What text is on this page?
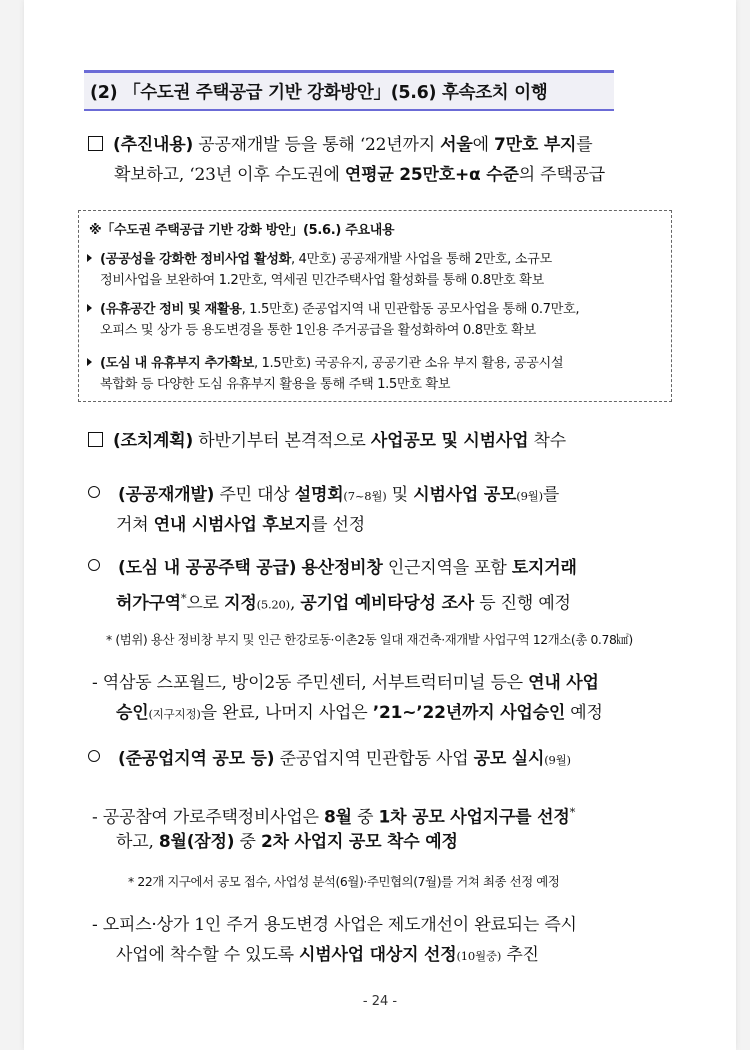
(2) 「수도권 주택공급 기반 강화방안」(5.6) 후속조치 이행
(추진내용) 공공재개발 등을 통해 ‘22년까지 서울에 7만호 부지를
확보하고, ‘23년 이후 수도권에 연평균 25만호+α 수준의 주택공급
※「수도권 주택공급 기반 강화 방안」(5.6.) 주요내용
(공공성을 강화한 정비사업 활성화, 4만호) 공공재개발 사업을 통해 2만호, 소규모
정비사업을 보완하여 1.2만호, 역세권 민간주택사업 활성화를 통해 0.8만호 확보
(유휴공간 정비 및 재활용, 1.5만호) 준공업지역 내 민관합동 공모사업을 통해 0.7만호,
오피스 및 상가 등 용도변경을 통한 1인용 주거공급을 활성화하여 0.8만호 확보
(도심 내 유휴부지 추가확보, 1.5만호) 국공유지, 공공기관 소유 부지 활용, 공공시설
복합화 등 다양한 도심 유휴부지 활용을 통해 주택 1.5만호 확보
(조치계획) 하반기부터 본격적으로 사업공모 및 시범사업 착수
(공공재개발) 주민 대상 설명회(7~8월) 및 시범사업 공모(9월)를
거쳐 연내 시범사업 후보지를 선정
(도심 내 공공주택 공급) 용산정비창 인근지역을 포함 토지거래
허가구역*으로 지정(5.20), 공기업 예비타당성 조사 등 진행 예정
* (범위) 용산 정비창 부지 및 인근 한강로동·이촌2동 일대 재건축·재개발 사업구역 12개소(총 0.78㎢)
- 역삼동 스포월드, 방이2동 주민센터, 서부트럭터미널 등은 연내 사업
승인(지구지정)을 완료, 나머지 사업은 ’21~’22년까지 사업승인 예정
(준공업지역 공모 등) 준공업지역 민관합동 사업 공모 실시(9월)
- 공공참여 가로주택정비사업은 8월 중 1차 공모 사업지구를 선정*
하고, 8월(잠정) 중 2차 사업지 공모 착수 예정
* 22개 지구에서 공모 접수, 사업성 분석(6월)·주민협의(7월)를 거쳐 최종 선정 예정
- 오피스·상가 1인 주거 용도변경 사업은 제도개선이 완료되는 즉시
사업에 착수할 수 있도록 시범사업 대상지 선정(10월중) 추진
- 24 -
